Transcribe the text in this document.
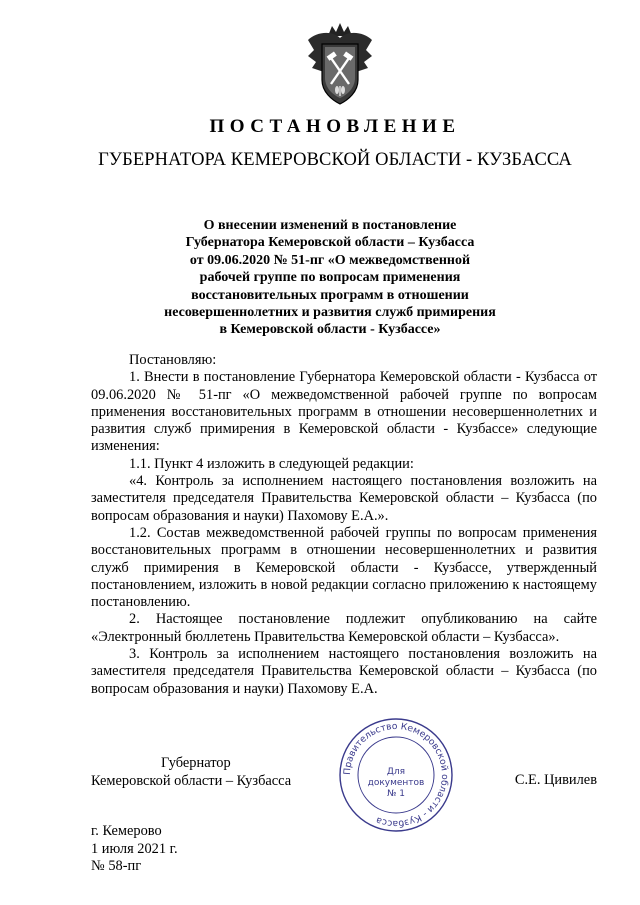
ПОСТАНОВЛЕНИЕ
ГУБЕРНАТОРА КЕМЕРОВСКОЙ ОБЛАСТИ - КУЗБАССА
О внесении изменений в постановление
Губернатора Кемеровской области – Кузбасса
от 09.06.2020 № 51-пг «О межведомственной
рабочей группе по вопросам применения
восстановительных программ в отношении
несовершеннолетних и развития служб примирения
в Кемеровской области - Кузбассе»

Постановляю:

1. Внести в постановление Губернатора Кемеровской области - Кузбасса от 09.06.2020 № 51-пг «О межведомственной рабочей группе по вопросам применения восстановительных программ в отношении несовершеннолетних и развития служб примирения в Кемеровской области - Кузбассе» следующие изменения:

1.1. Пункт 4 изложить в следующей редакции:

«4. Контроль за исполнением настоящего постановления возложить на заместителя председателя Правительства Кемеровской области – Кузбасса (по вопросам образования и науки) Пахомову Е.А.».

1.2. Состав межведомственной рабочей группы по вопросам применения восстановительных программ в отношении несовершеннолетних и развития служб примирения в Кемеровской области - Кузбассе, утвержденный постановлением, изложить в новой редакции согласно приложению к настоящему постановлению.

2. Настоящее постановление подлежит опубликованию на сайте «Электронный бюллетень Правительства Кемеровской области – Кузбасса».

3. Контроль за исполнением настоящего постановления возложить на заместителя председателя Правительства Кемеровской области – Кузбасса (по вопросам образования и науки) Пахомову Е.А.

Губернатор
Кемеровской области – Кузбасса
Правительство Кемеровской области - Кузбасса
Для
документов
№ 1
С.Е. Цивилев
г. Кемерово
1 июля 2021 г.
№ 58-пг
